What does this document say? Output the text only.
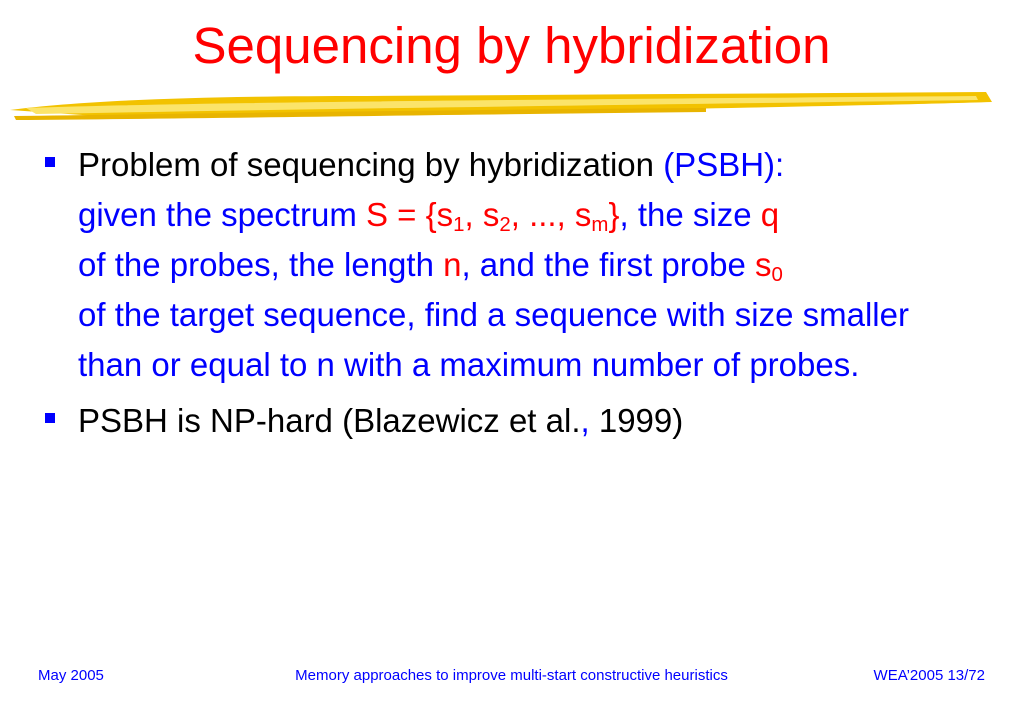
Sequencing by hybridization
Problem of sequencing by hybridization (PSBH):
given the spectrum $S = \{s_1$, $s_2$, ..., $s_m$}, the size q
of the probes, the length n, and the first probe $s_0$
of the target sequence, find a sequence with size smaller than or equal to n with a maximum number of probes.
PSBH is NP-hard (Blazewicz et al., 1999)
May 2005	Memory approaches to improve multi-start constructive heuristics	WEA’2005 13/72
